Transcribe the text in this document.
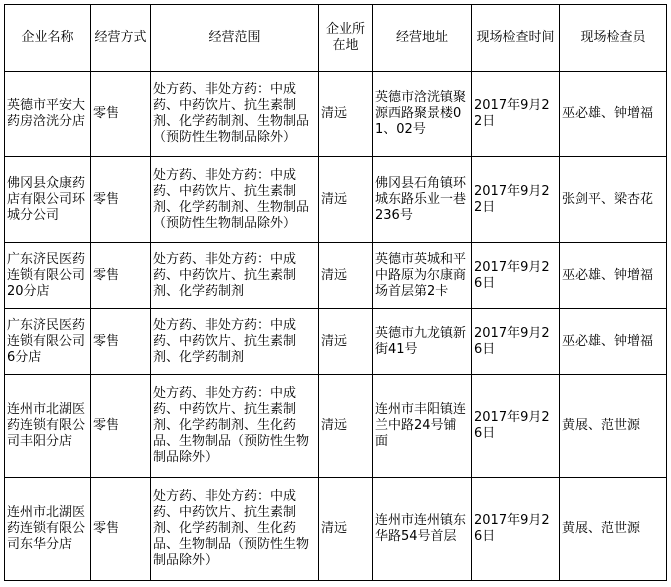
企业名称	经营方式	经营范围	企业所在地	经营地址	现场检查时间	现场检查员
英德市平安大药房浛洸分店	零售	处方药、非处方药：中成药、中药饮片、抗生素制剂、化学药制剂、生物制品（预防性生物制品除外）	清远	英德市浛洸镇聚源西路聚景楼01、02号	2017年9月22日	巫必雄、钟增福
佛冈县众康药店有限公司环城分公司	零售	处方药、非处方药：中成药、中药饮片、抗生素制剂、化学药制剂、生物制品（预防性生物制品除外）	清远	佛冈县石角镇环城东路乐业一巷236号	2017年9月22日	张剑平、梁杏花
广东济民医药连锁有限公司20分店	零售	处方药、非处方药：中成药、中药饮片、抗生素制剂、化学药制剂	清远	英德市英城和平中路原为尔康商场首层第2卡	2017年9月26日	巫必雄、钟增福
广东济民医药连锁有限公司6分店	零售	处方药、非处方药：中成药、中药饮片、抗生素制剂、化学药制剂	清远	英德市九龙镇新街41号	2017年9月26日	巫必雄、钟增福
连州市北湖医药连锁有限公司丰阳分店	零售	处方药、非处方药：中成药、中药饮片、抗生素制剂、化学药制剂、生化药品、生物制品（预防性生物制品除外）	清远	连州市丰阳镇连兰中路24号铺面	2017年9月26日	黄展、范世源
连州市北湖医药连锁有限公司东华分店	零售	处方药、非处方药：中成药、中药饮片、抗生素制剂、化学药制剂、生化药品、生物制品（预防性生物制品除外）	清远	连州市连州镇东华路54号首层	2017年9月26日	黄展、范世源
